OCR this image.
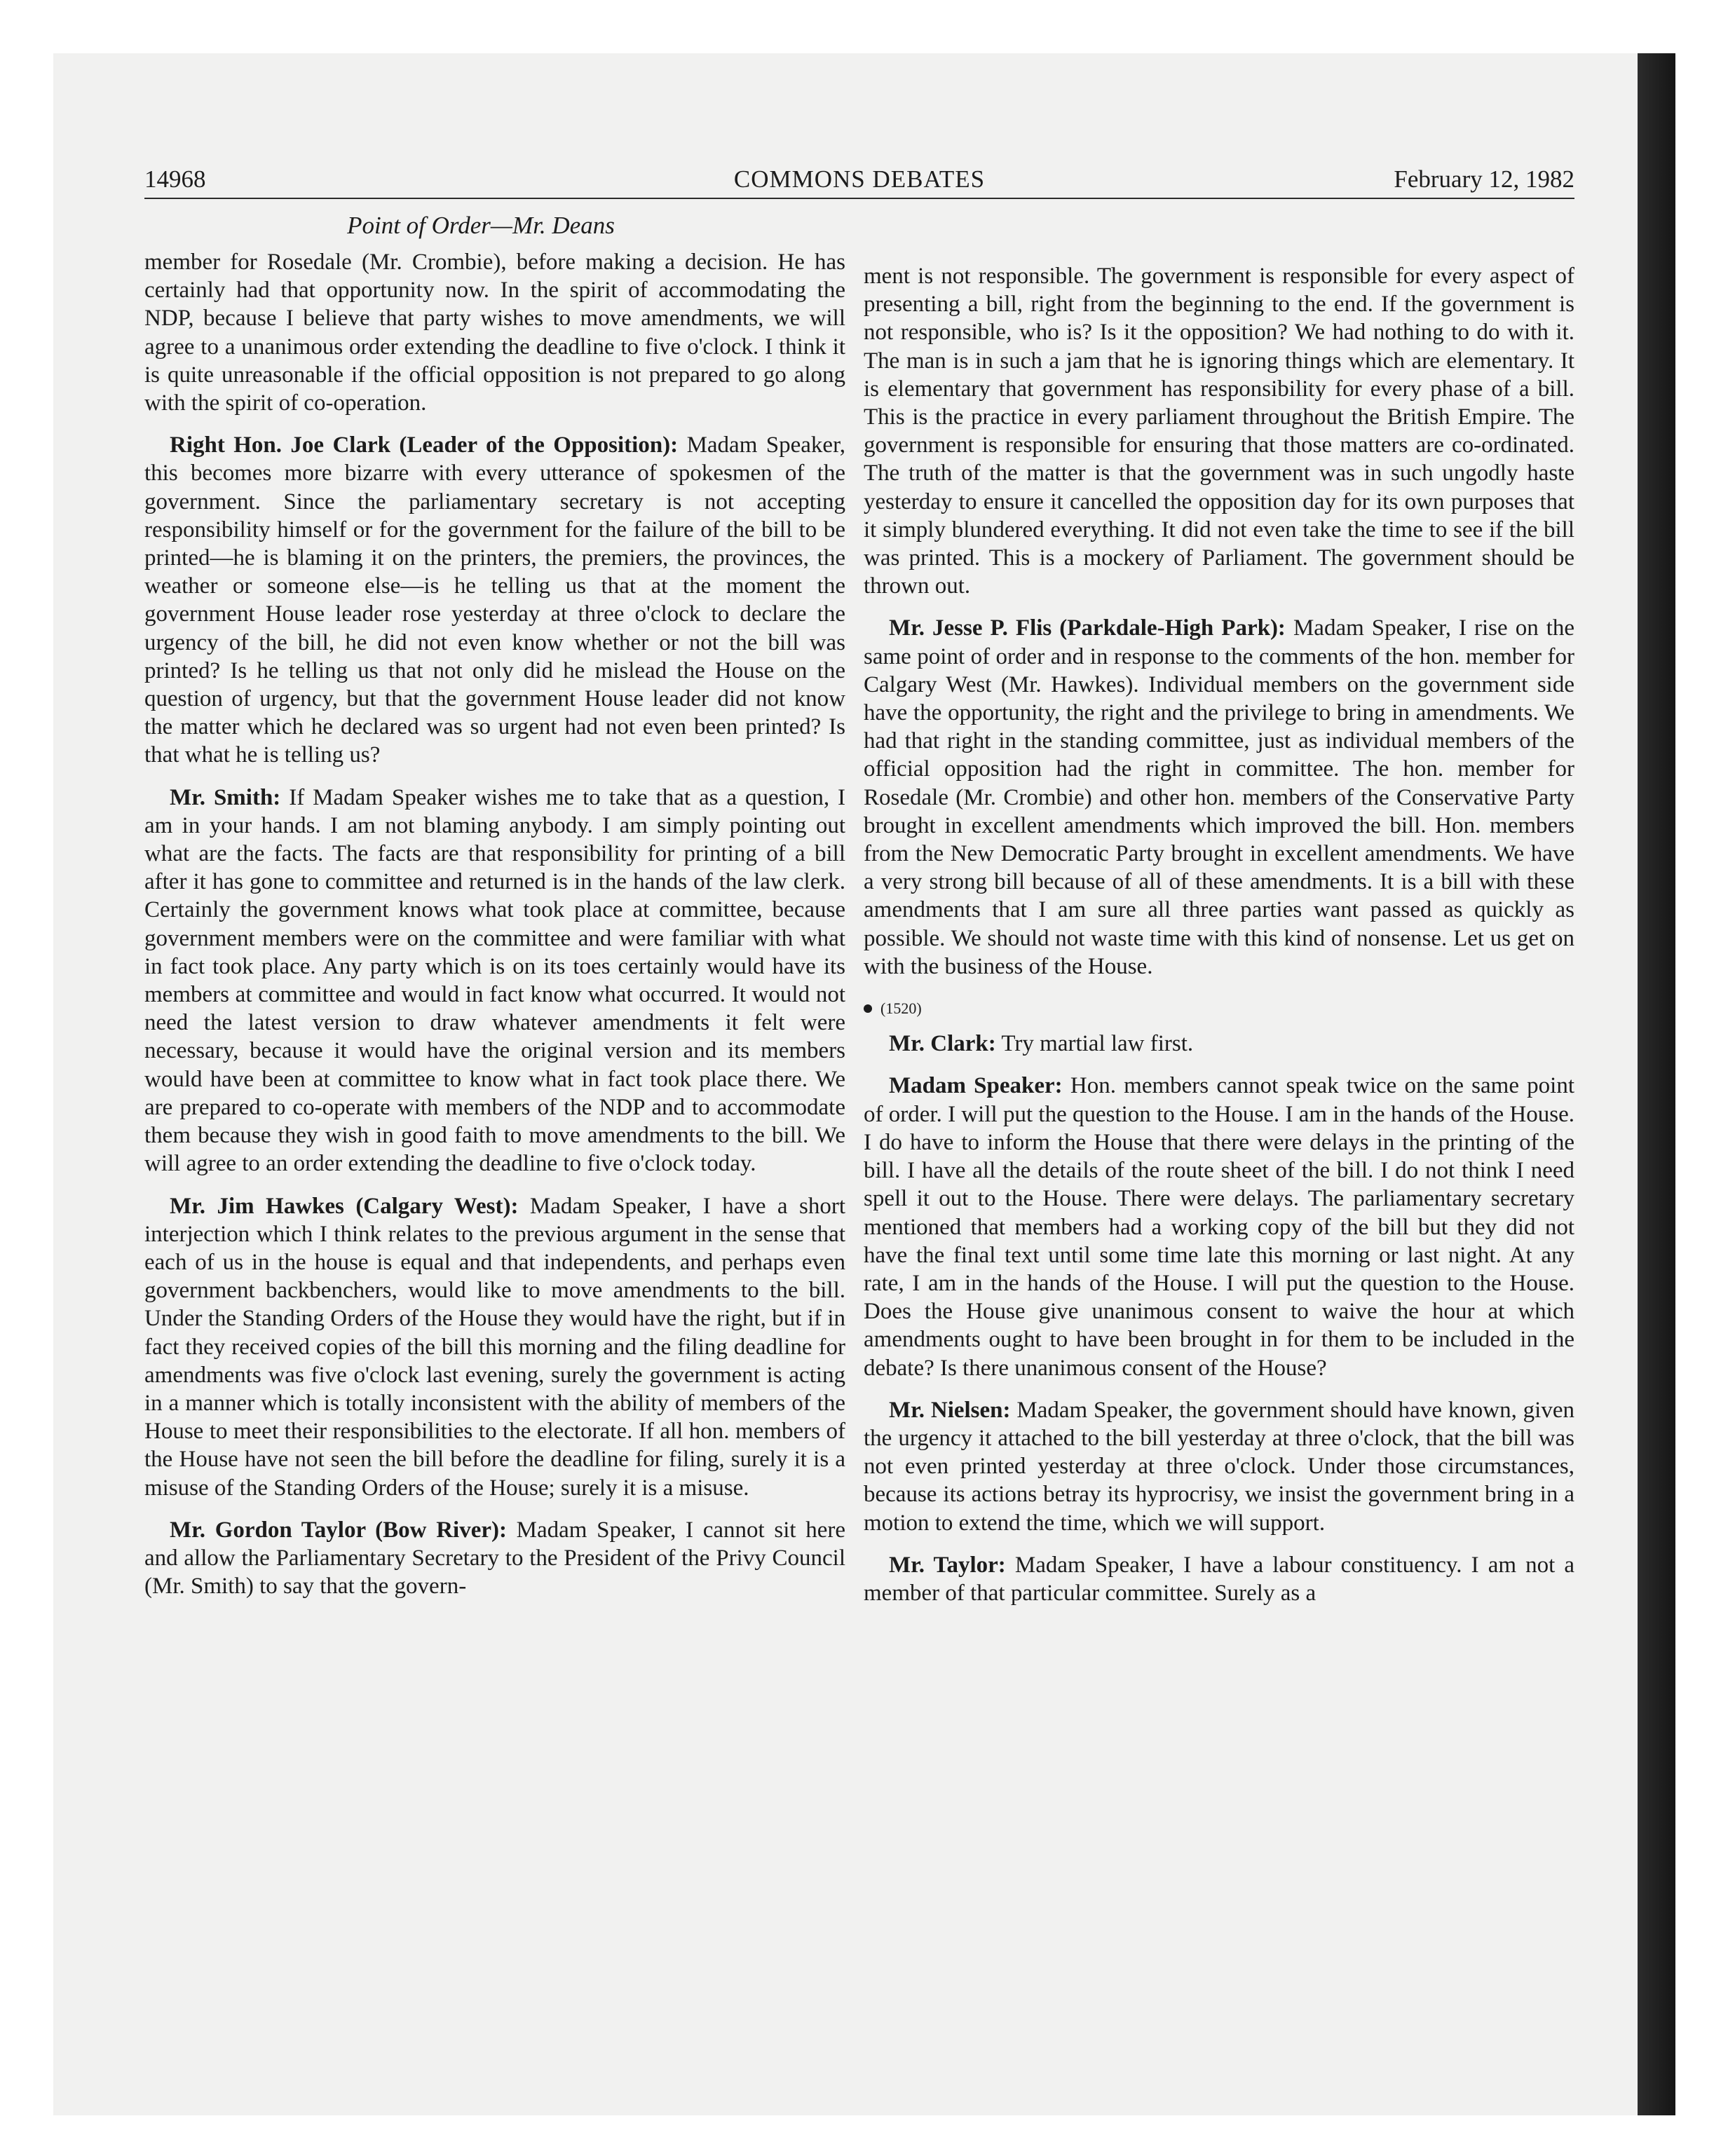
14968	COMMONS DEBATES	February 12, 1982
Point of Order—Mr. Deans

member for Rosedale (Mr. Crombie), before making a decision. He has certainly had that opportunity now. In the spirit of accommodating the NDP, because I believe that party wishes to move amendments, we will agree to a unanimous order extending the deadline to five o'clock. I think it is quite unreasonable if the official opposition is not prepared to go along with the spirit of co-operation.

Right Hon. Joe Clark (Leader of the Opposition): Madam Speaker, this becomes more bizarre with every utterance of spokesmen of the government. Since the parliamentary secretary is not accepting responsibility himself or for the government for the failure of the bill to be printed—he is blaming it on the printers, the premiers, the provinces, the weather or someone else—is he telling us that at the moment the government House leader rose yesterday at three o'clock to declare the urgency of the bill, he did not even know whether or not the bill was printed? Is he telling us that not only did he mislead the House on the question of urgency, but that the government House leader did not know the matter which he declared was so urgent had not even been printed? Is that what he is telling us?

Mr. Smith: If Madam Speaker wishes me to take that as a question, I am in your hands. I am not blaming anybody. I am simply pointing out what are the facts. The facts are that responsibility for printing of a bill after it has gone to committee and returned is in the hands of the law clerk. Certainly the government knows what took place at committee, because government members were on the committee and were familiar with what in fact took place. Any party which is on its toes certainly would have its members at committee and would in fact know what occurred. It would not need the latest version to draw whatever amendments it felt were necessary, because it would have the original version and its members would have been at committee to know what in fact took place there. We are prepared to co-operate with members of the NDP and to accommodate them because they wish in good faith to move amendments to the bill. We will agree to an order extending the deadline to five o'clock today.

Mr. Jim Hawkes (Calgary West): Madam Speaker, I have a short interjection which I think relates to the previous argument in the sense that each of us in the house is equal and that independents, and perhaps even government backbenchers, would like to move amendments to the bill. Under the Standing Orders of the House they would have the right, but if in fact they received copies of the bill this morning and the filing deadline for amendments was five o'clock last evening, surely the government is acting in a manner which is totally inconsistent with the ability of members of the House to meet their responsibilities to the electorate. If all hon. members of the House have not seen the bill before the deadline for filing, surely it is a misuse of the Standing Orders of the House; surely it is a misuse.

Mr. Gordon Taylor (Bow River): Madam Speaker, I cannot sit here and allow the Parliamentary Secretary to the President of the Privy Council (Mr. Smith) to say that the govern-

ment is not responsible. The government is responsible for every aspect of presenting a bill, right from the beginning to the end. If the government is not responsible, who is? Is it the opposition? We had nothing to do with it. The man is in such a jam that he is ignoring things which are elementary. It is elementary that government has responsibility for every phase of a bill. This is the practice in every parliament throughout the British Empire. The government is responsible for ensuring that those matters are co-ordinated. The truth of the matter is that the government was in such ungodly haste yesterday to ensure it cancelled the opposition day for its own purposes that it simply blundered everything. It did not even take the time to see if the bill was printed. This is a mockery of Parliament. The government should be thrown out.

Mr. Jesse P. Flis (Parkdale-High Park): Madam Speaker, I rise on the same point of order and in response to the comments of the hon. member for Calgary West (Mr. Hawkes). Individual members on the government side have the opportunity, the right and the privilege to bring in amendments. We had that right in the standing committee, just as individual members of the official opposition had the right in committee. The hon. member for Rosedale (Mr. Crombie) and other hon. members of the Conservative Party brought in excellent amendments which improved the bill. Hon. members from the New Democratic Party brought in excellent amendments. We have a very strong bill because of all of these amendments. It is a bill with these amendments that I am sure all three parties want passed as quickly as possible. We should not waste time with this kind of nonsense. Let us get on with the business of the House.

(1520)

Mr. Clark: Try martial law first.

Madam Speaker: Hon. members cannot speak twice on the same point of order. I will put the question to the House. I am in the hands of the House. I do have to inform the House that there were delays in the printing of the bill. I have all the details of the route sheet of the bill. I do not think I need spell it out to the House. There were delays. The parliamentary secretary mentioned that members had a working copy of the bill but they did not have the final text until some time late this morning or last night. At any rate, I am in the hands of the House. I will put the question to the House. Does the House give unanimous consent to waive the hour at which amendments ought to have been brought in for them to be included in the debate? Is there unanimous consent of the House?

Mr. Nielsen: Madam Speaker, the government should have known, given the urgency it attached to the bill yesterday at three o'clock, that the bill was not even printed yesterday at three o'clock. Under those circumstances, because its actions betray its hyprocrisy, we insist the government bring in a motion to extend the time, which we will support.

Mr. Taylor: Madam Speaker, I have a labour constituency. I am not a member of that particular committee. Surely as a
